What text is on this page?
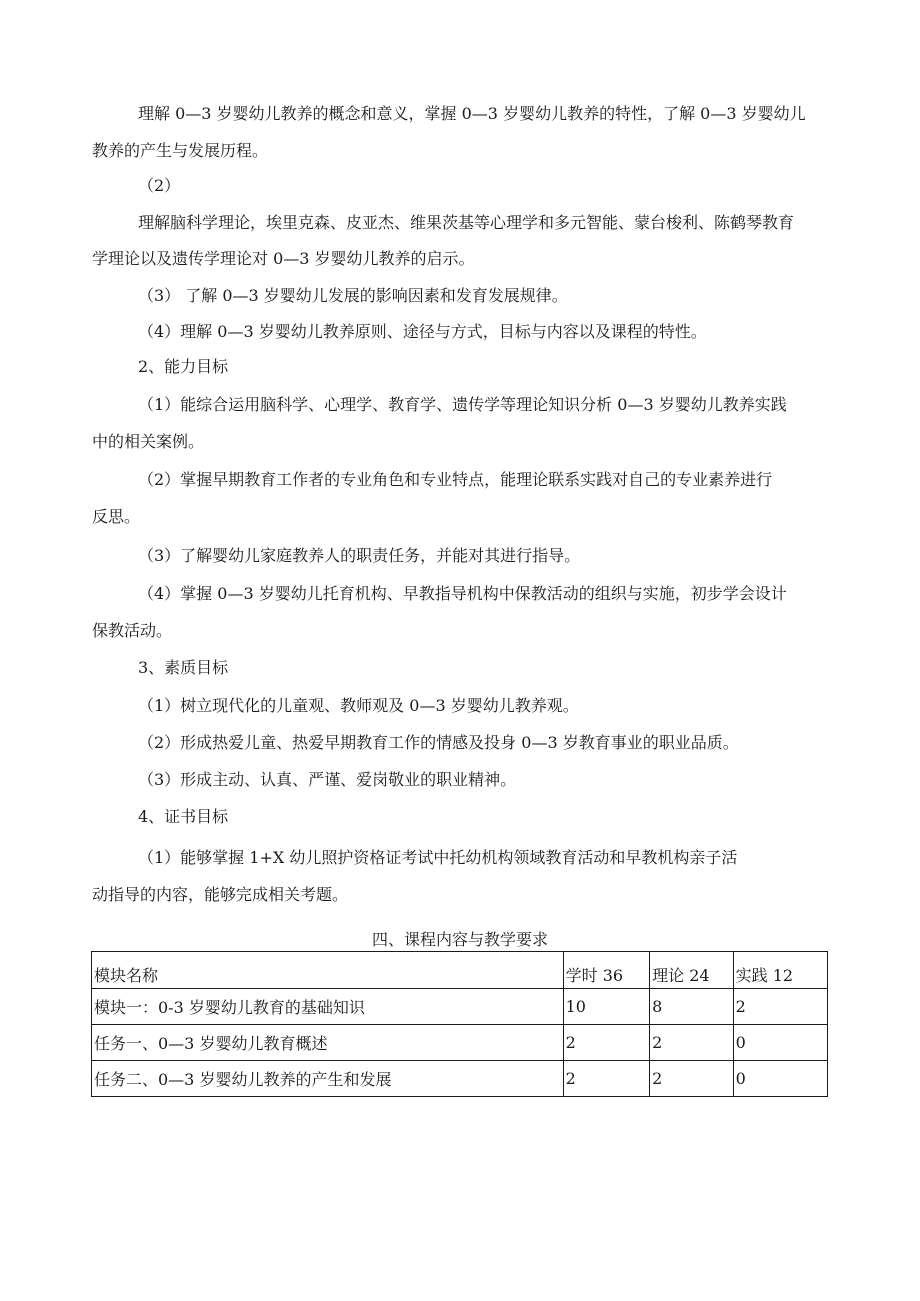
理解 0—3 岁婴幼儿教养的概念和意义，掌握 0—3 岁婴幼儿教养的特性，了解 0—3 岁婴幼儿
教养的产生与发展历程。
（2）
理解脑科学理论，埃里克森、皮亚杰、维果茨基等心理学和多元智能、蒙台梭利、陈鹤琴教育
学理论以及遗传学理论对 0—3 岁婴幼儿教养的启示。
（3） 了解 0—3 岁婴幼儿发展的影响因素和发育发展规律。
（4）理解 0—3 岁婴幼儿教养原则、途径与方式，目标与内容以及课程的特性。
2、能力目标
（1）能综合运用脑科学、心理学、教育学、遗传学等理论知识分析 0—3 岁婴幼儿教养实践
中的相关案例。
（2）掌握早期教育工作者的专业角色和专业特点，能理论联系实践对自己的专业素养进行
反思。
（3）了解婴幼儿家庭教养人的职责任务，并能对其进行指导。
（4）掌握 0—3 岁婴幼儿托育机构、早教指导机构中保教活动的组织与实施，初步学会设计
保教活动。
3、素质目标
（1）树立现代化的儿童观、教师观及 0—3 岁婴幼儿教养观。
（2）形成热爱儿童、热爱早期教育工作的情感及投身 0—3 岁教育事业的职业品质。
（3）形成主动、认真、严谨、爱岗敬业的职业精神。
4、证书目标
（1）能够掌握 1+X 幼儿照护资格证考试中托幼机构领域教育活动和早教机构亲子活
动指导的内容，能够完成相关考题。
四、课程内容与教学要求
模块名称	学时 36	理论 24	实践 12
模块一：0-3 岁婴幼儿教育的基础知识	10	8	2
任务一、0—3 岁婴幼儿教育概述	2	2	0
任务二、0—3 岁婴幼儿教养的产生和发展	2	2	0
